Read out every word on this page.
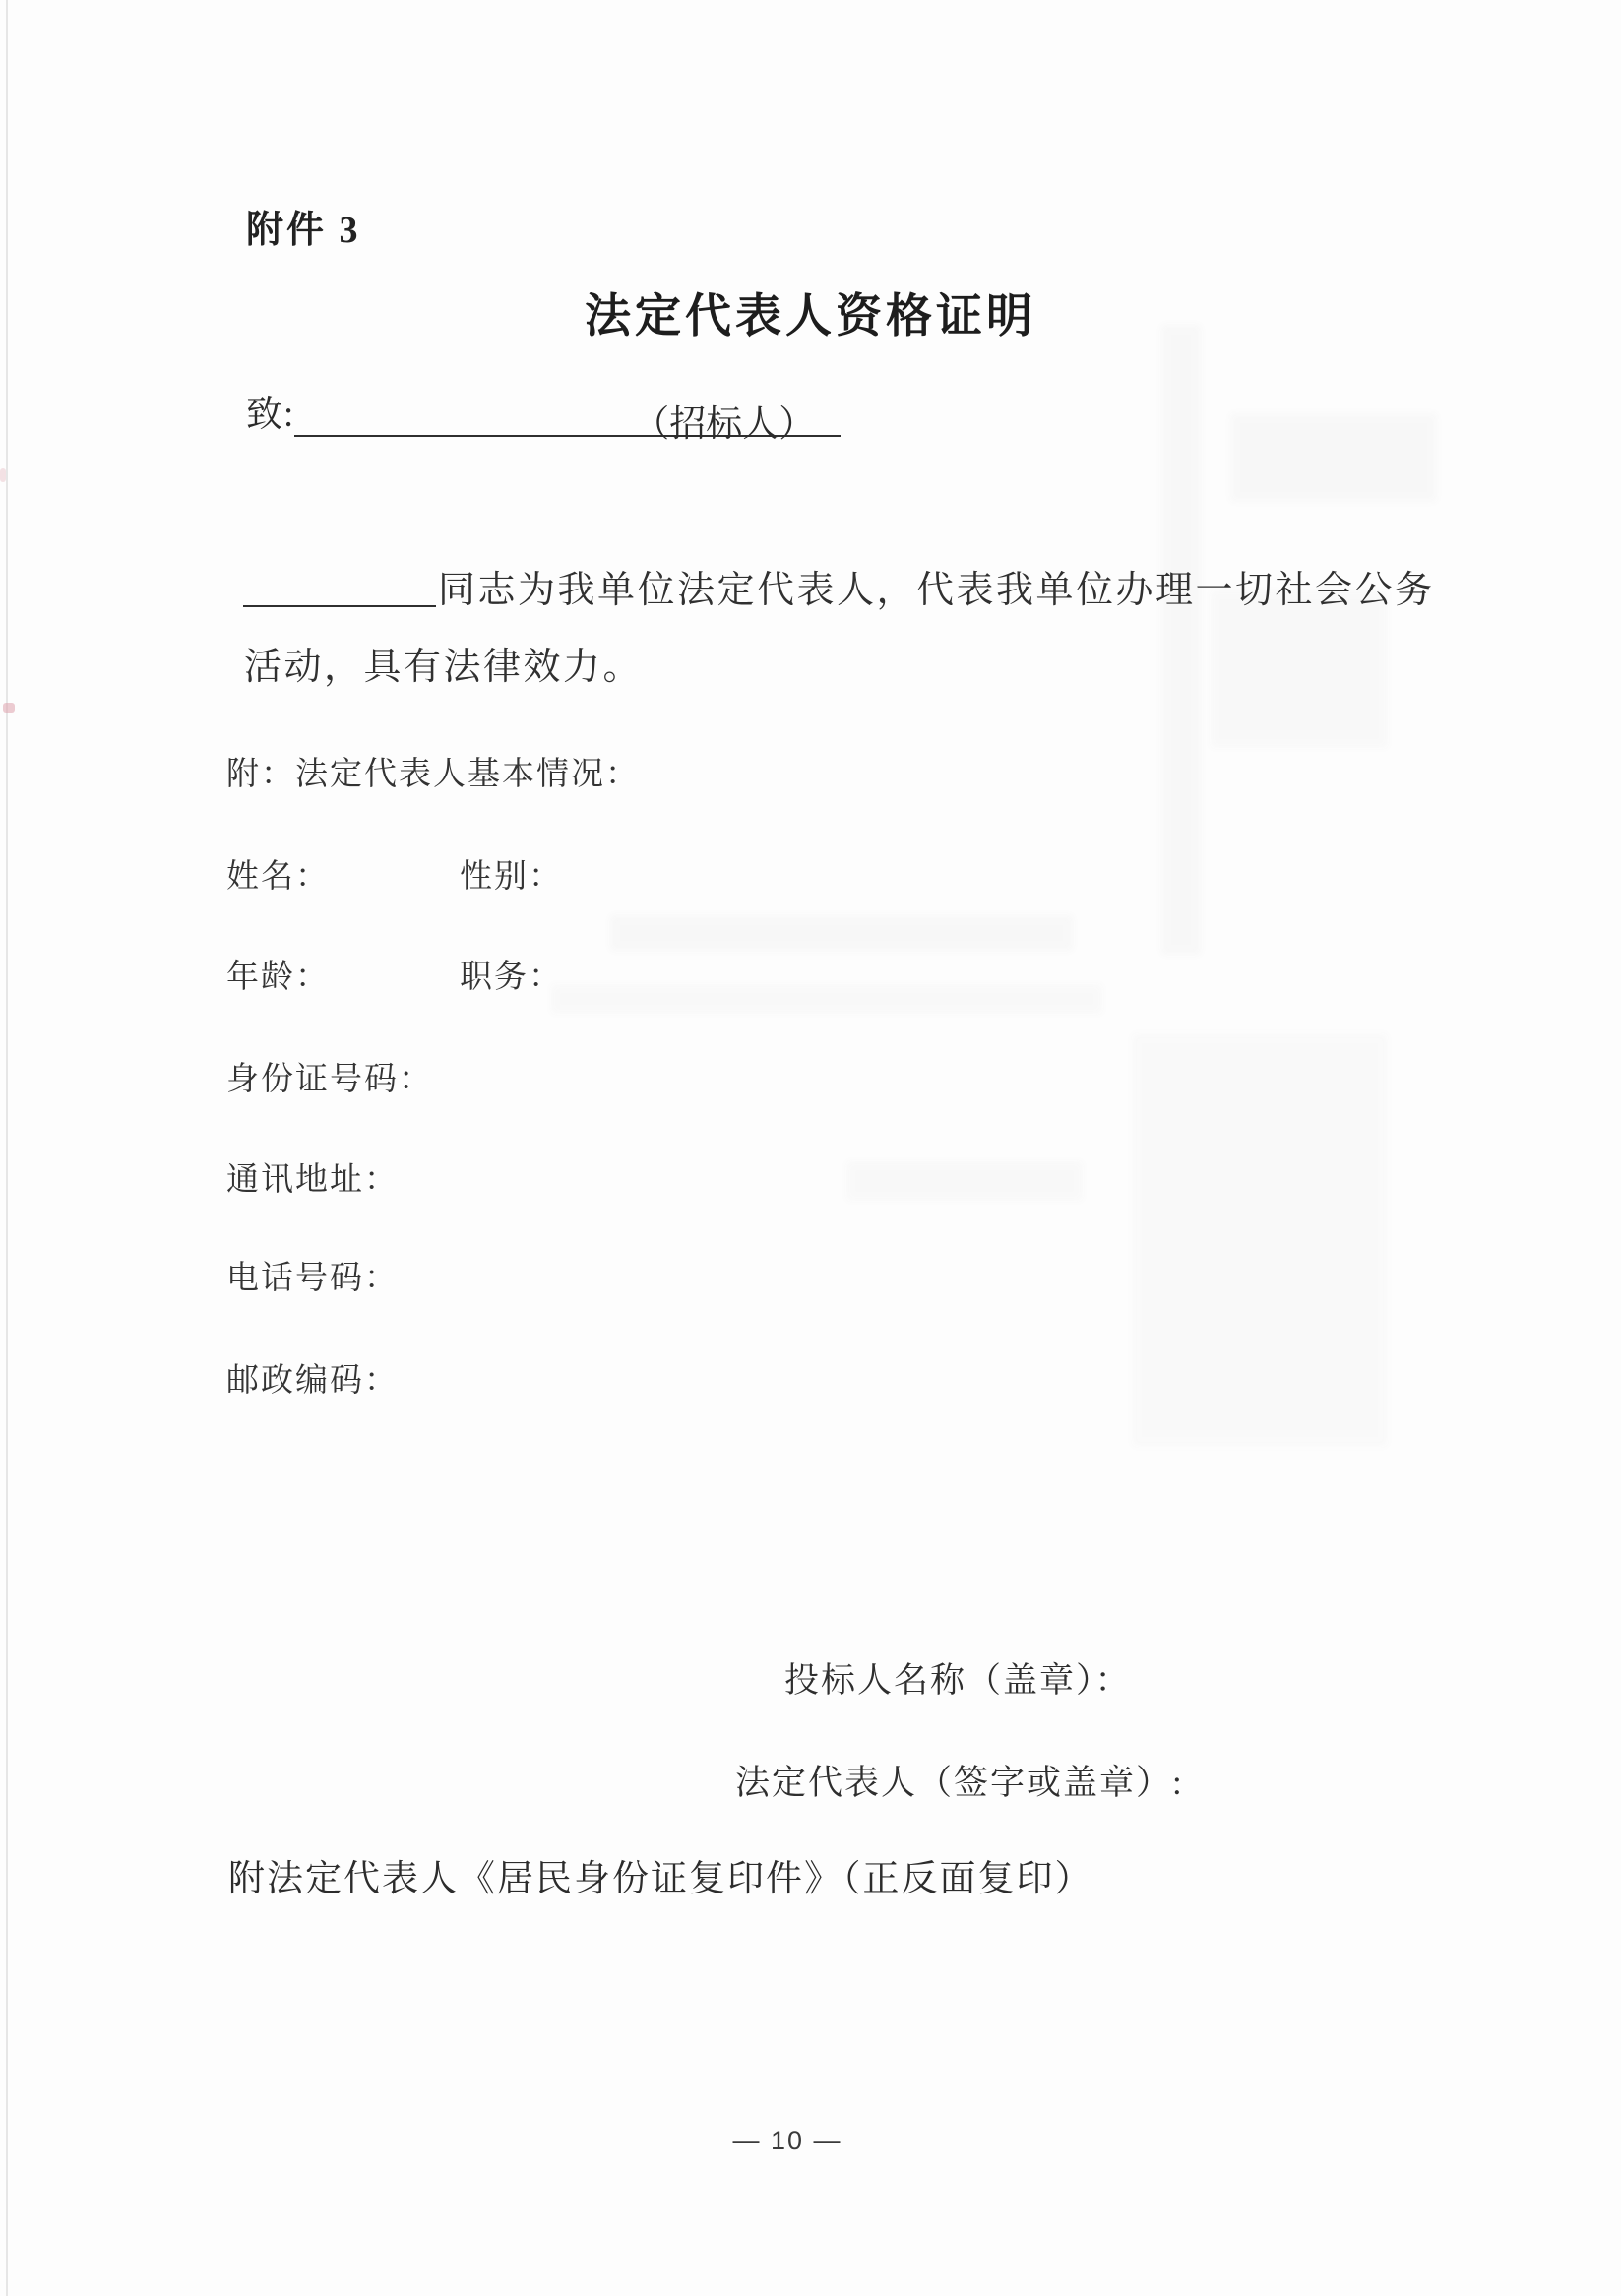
附件 3
法定代表人资格证明
致:	（招标人）
同志为我单位法定代表人，代表我单位办理一切社会公务
活动，具有法律效力。
附：法定代表人基本情况：
姓名：	性别：
年龄：	职务：
身份证号码：
通讯地址：
电话号码：
邮政编码：
投标人名称（盖章）：
法定代表人（签字或盖章）:
附法定代表人《居民身份证复印件》（正反面复印）
— 10 —
